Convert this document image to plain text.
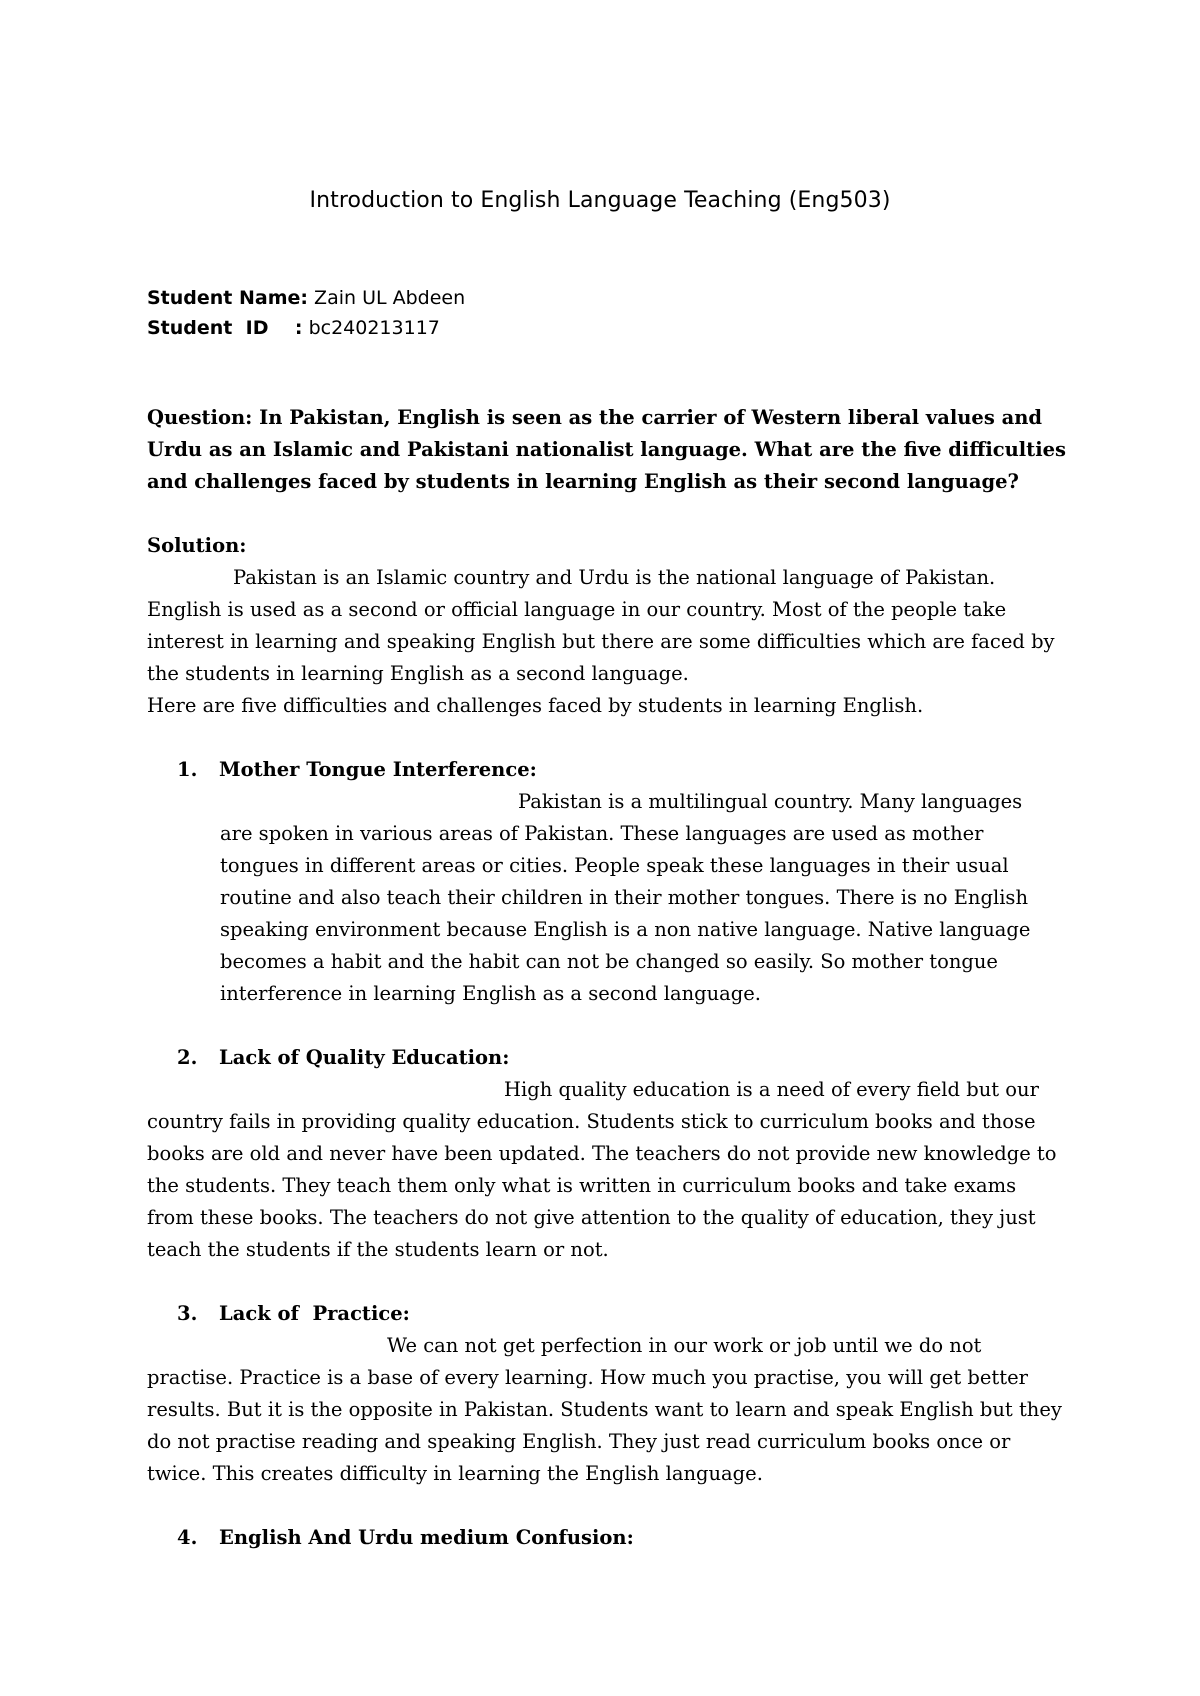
Introduction to English Language Teaching (Eng503)
Student Name: Zain UL Abdeen
Student  ID    : bc240213117
Question: In Pakistan, English is seen as the carrier of Western liberal values and Urdu as an Islamic and Pakistani nationalist language. What are the five difficulties and challenges faced by students in learning English as their second language?
Solution:
Pakistan is an Islamic country and Urdu is the national language of Pakistan. English is used as a second or official language in our country. Most of the people take interest in learning and speaking English but there are some difficulties which are faced by the students in learning English as a second language.
Here are five difficulties and challenges faced by students in learning English.
1. Mother Tongue Interference:
Pakistan is a multilingual country. Many languages are spoken in various areas of Pakistan. These languages are used as mother tongues in different areas or cities. People speak these languages in their usual routine and also teach their children in their mother tongues. There is no English speaking environment because English is a non native language. Native language becomes a habit and the habit can not be changed so easily. So mother tongue interference in learning English as a second language.
2. Lack of Quality Education:
High quality education is a need of every field but our country fails in providing quality education. Students stick to curriculum books and those books are old and never have been updated. The teachers do not provide new knowledge to the students. They teach them only what is written in curriculum books and take exams from these books. The teachers do not give attention to the quality of education, they just teach the students if the students learn or not.
3. Lack of  Practice:
We can not get perfection in our work or job until we do not practise. Practice is a base of every learning. How much you practise, you will get better results. But it is the opposite in Pakistan. Students want to learn and speak English but they do not practise reading and speaking English. They just read curriculum books once or twice. This creates difficulty in learning the English language.
4. English And Urdu medium Confusion:
